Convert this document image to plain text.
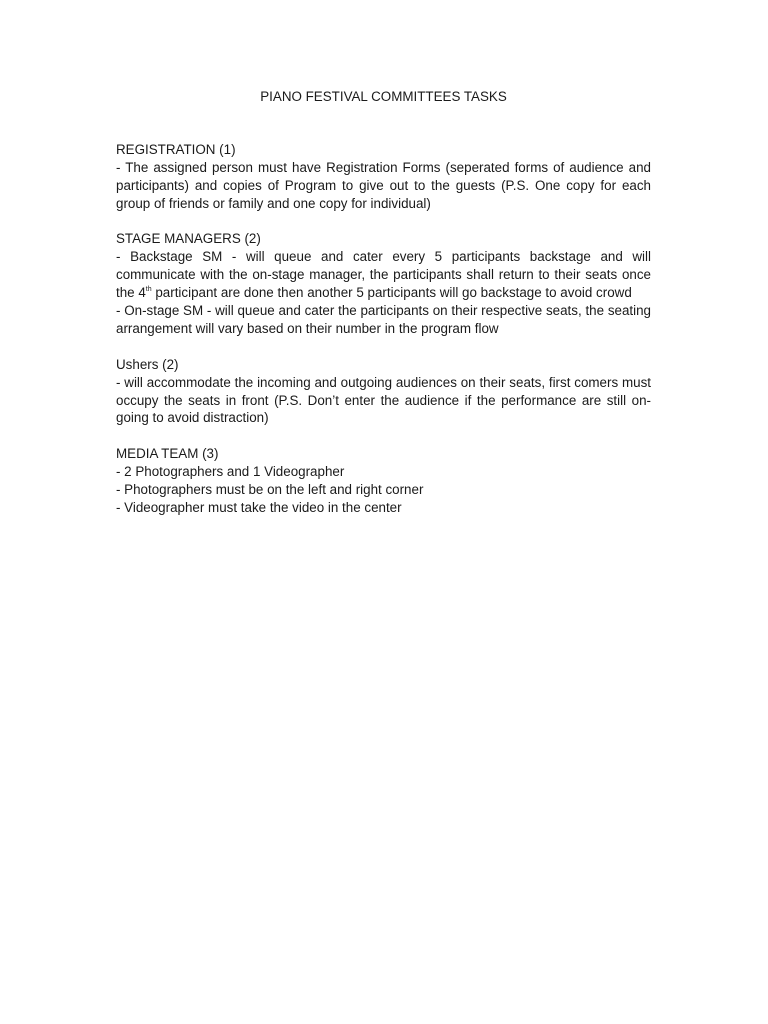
PIANO FESTIVAL COMMITTEES TASKS

REGISTRATION (1)

- The assigned person must have Registration Forms (seperated forms of audience and participants) and copies of Program to give out to the guests (P.S. One copy for each group of friends or family and one copy for individual)

STAGE MANAGERS (2)

- Backstage SM - will queue and cater every 5 participants backstage and will communicate with the on-stage manager, the participants shall return to their seats once the 4th participant are done then another 5 participants will go backstage to avoid crowd

- On-stage SM - will queue and cater the participants on their respective seats, the seating arrangement will vary based on their number in the program flow

Ushers (2)

- will accommodate the incoming and outgoing audiences on their seats, first comers must occupy the seats in front (P.S. Don’t enter the audience if the performance are still on-going to avoid distraction)

MEDIA TEAM (3)

- 2 Photographers and 1 Videographer

- Photographers must be on the left and right corner

- Videographer must take the video in the center
